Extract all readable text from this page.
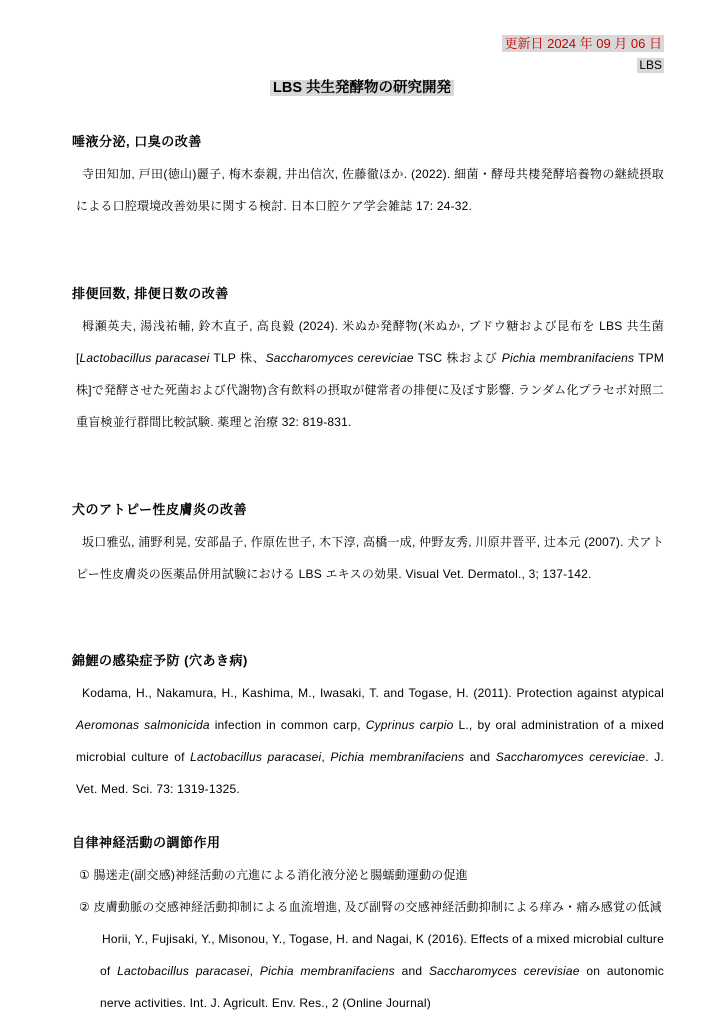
更新日 2024 年 09 月 06 日
LBS
LBS 共生発酵物の研究開発
唾液分泌, 口臭の改善

寺田知加, 戸田(徳山)麗子, 梅木泰親, 井出信次, 佐藤徹ほか. (2022). 細菌・酵母共棲発酵培養物の継続摂取による口腔環境改善効果に関する検討. 日本口腔ケア学会雑誌 17: 24-32.

排便回数, 排便日数の改善

栂瀬英夫, 湯浅祐輔, 鈴木直子, 高良毅 (2024). 米ぬか発酵物(米ぬか, ブドウ糖および昆布を LBS 共生菌 [Lactobacillus paracasei TLP 株、Saccharomyces cereviciae TSC 株および Pichia membranifaciens TPM 株]で発酵させた死菌および代謝物)含有飲料の摂取が健常者の排便に及ぼす影響. ランダム化プラセボ対照二重盲検並行群間比較試験. 薬理と治療 32: 819-831.

犬のアトピー性皮膚炎の改善

坂口雅弘, 浦野利晃, 安部晶子, 作原佐世子, 木下淳, 高橋一成, 仲野友秀, 川原井晋平, 辻本元 (2007). 犬アトピー性皮膚炎の医薬品併用試験における LBS エキスの効果. Visual Vet. Dermatol., 3; 137-142.

錦鯉の感染症予防 (穴あき病)

Kodama, H., Nakamura, H., Kashima, M., Iwasaki, T. and Togase, H. (2011). Protection against atypical Aeromonas salmonicida infection in common carp, Cyprinus carpio L., by oral administration of a mixed microbial culture of Lactobacillus paracasei, Pichia membranifaciens and Saccharomyces cereviciae. J. Vet. Med. Sci. 73: 1319-1325.

自律神経活動の調節作用

① 腸迷走(副交感)神経活動の亢進による消化液分泌と腸蠕動運動の促進

② 皮膚動脈の交感神経活動抑制による血流増進, 及び副腎の交感神経活動抑制による痒み・痛み感覚の低減

Horii, Y., Fujisaki, Y., Misonou, Y., Togase, H. and Nagai, K (2016). Effects of a mixed microbial culture of Lactobacillus paracasei, Pichia membranifaciens and Saccharomyces cerevisiae on autonomic nerve activities. Int. J. Agricult. Env. Res., 2 (Online Journal)
